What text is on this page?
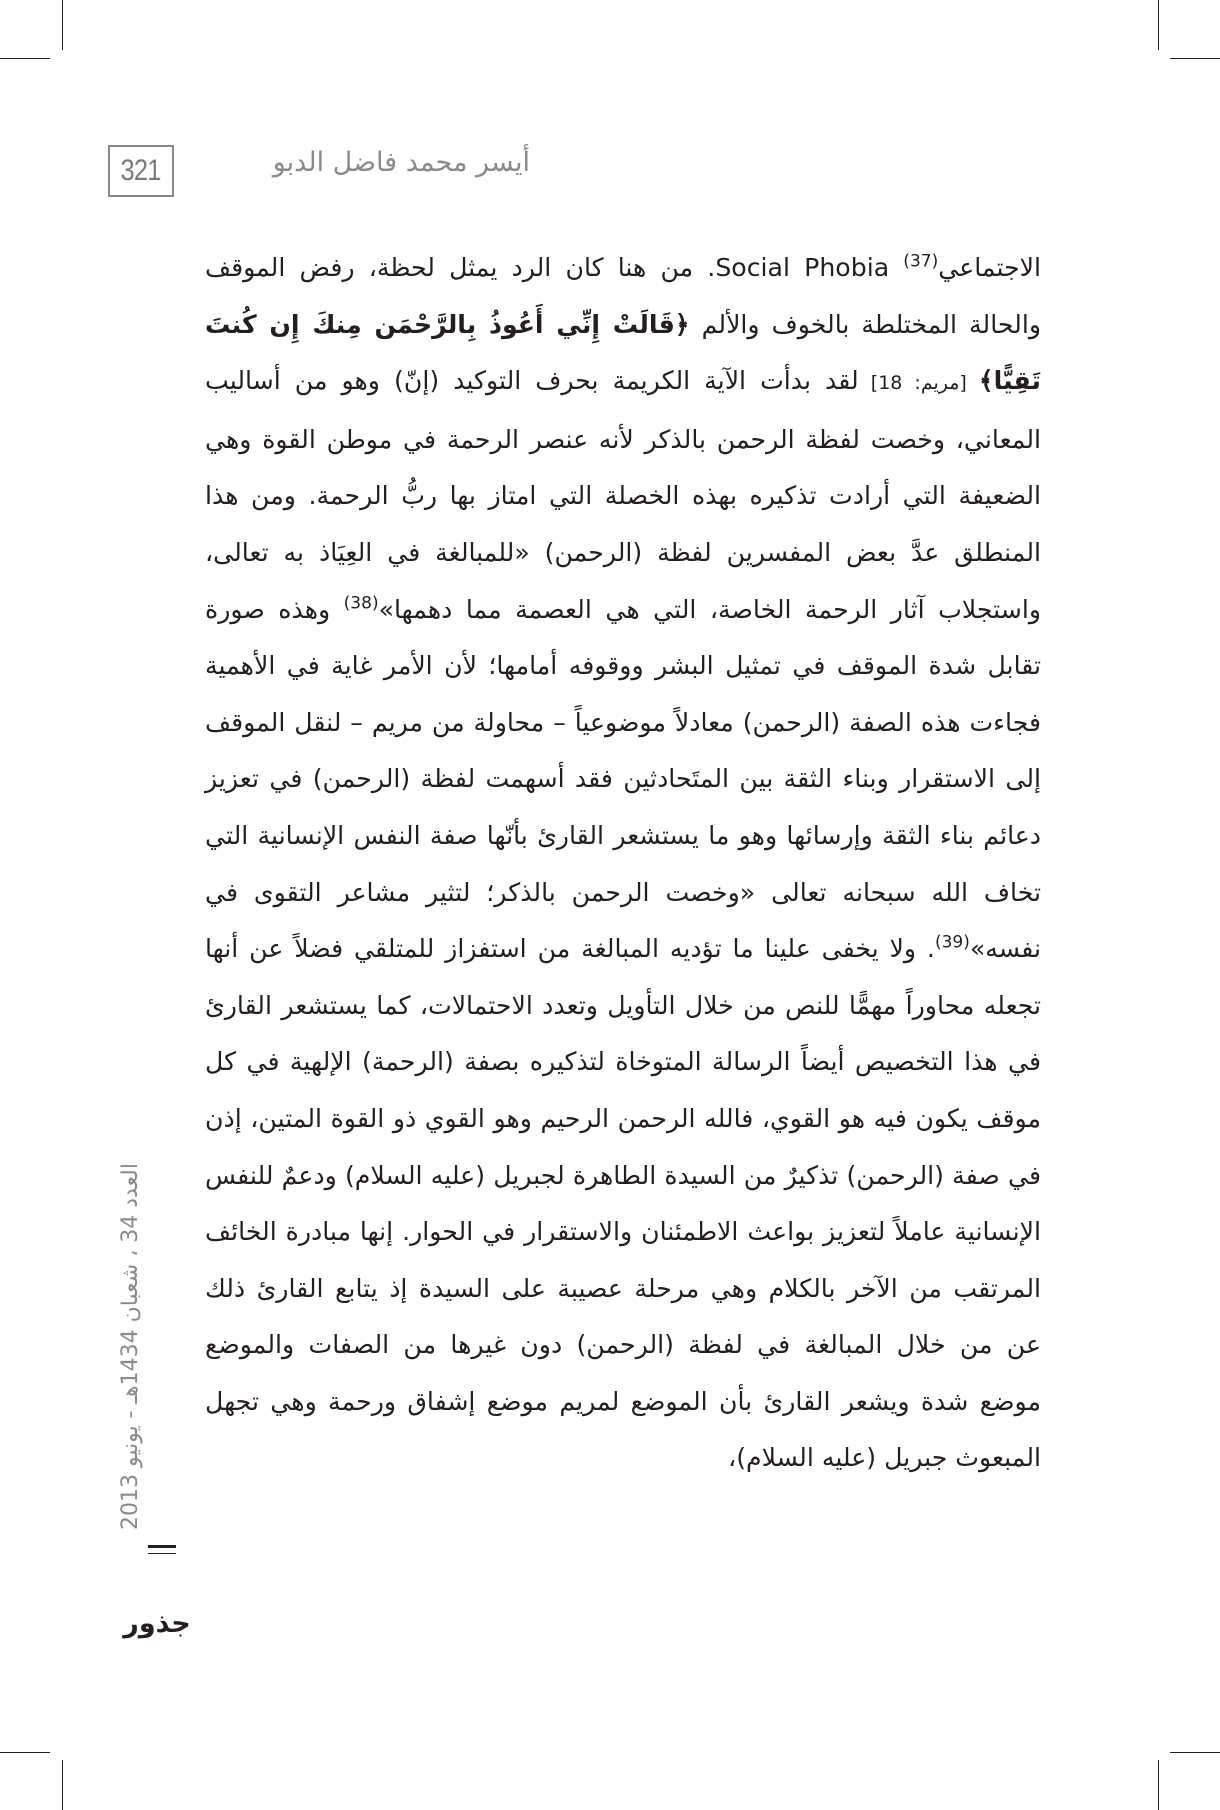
321	أيسر محمد فاضل الدبو

الاجتماعي$^{(37)}$ Social Phobia. من هنا كان الرد يمثل لحظة، رفض الموقف والحالة المختلطة بالخوف والألم ﴿قَالَتْ إِنِّي أَعُوذُ بِالرَّحْمَن مِنكَ إِن كُنتَ تَقِيًّا﴾ [مريم: 18] لقد بدأت الآية الكريمة بحرف التوكيد (إنّ) وهو من أساليب المعاني، وخصت لفظة الرحمن بالذكر لأنه عنصر الرحمة في موطن القوة وهي الضعيفة التي أرادت تذكيره بهذه الخصلة التي امتاز بها ربُّ الرحمة. ومن هذا المنطلق عدَّ بعض المفسرين لفظة (الرحمن) «للمبالغة في العِيَاذ به تعالى، واستجلاب آثار الرحمة الخاصة، التي هي العصمة مما دهمها»$^{(38)}$ وهذه صورة تقابل شدة الموقف في تمثيل البشر ووقوفه أمامها؛ لأن الأمر غاية في الأهمية فجاءت هذه الصفة (الرحمن) معادلاً موضوعياً – محاولة من مريم – لنقل الموقف إلى الاستقرار وبناء الثقة بين المتَحادثين فقد أسهمت لفظة (الرحمن) في تعزيز دعائم بناء الثقة وإرسائها وهو ما يستشعر القارئ بأنّها صفة النفس الإنسانية التي تخاف الله سبحانه تعالى «وخصت الرحمن بالذكر؛ لتثير مشاعر التقوى في نفسه»$^{(39)}$. ولا يخفى علينا ما تؤديه المبالغة من استفزاز للمتلقي فضلاً عن أنها تجعله محاوراً مهمًّا للنص من خلال التأويل وتعدد الاحتمالات، كما يستشعر القارئ في هذا التخصيص أيضاً الرسالة المتوخاة لتذكيره بصفة (الرحمة) الإلهية في كل موقف يكون فيه هو القوي، فالله الرحمن الرحيم وهو القوي ذو القوة المتين، إذن في صفة (الرحمن) تذكيرٌ من السيدة الطاهرة لجبريل (عليه السلام) ودعمٌ للنفس الإنسانية عاملاً لتعزيز بواعث الاطمئنان والاستقرار في الحوار. إنها مبادرة الخائف المرتقب من الآخر بالكلام وهي مرحلة عصيبة على السيدة إذ يتابع القارئ ذلك عن من خلال المبالغة في لفظة (الرحمن) دون غيرها من الصفات والموضع موضع شدة ويشعر القارئ بأن الموضع لمريم موضع إشفاق ورحمة وهي تجهل المبعوث جبريل (عليه السلام)،

العدد 34 ، شعبان 1434هـ - يونيو 2013
جذور
